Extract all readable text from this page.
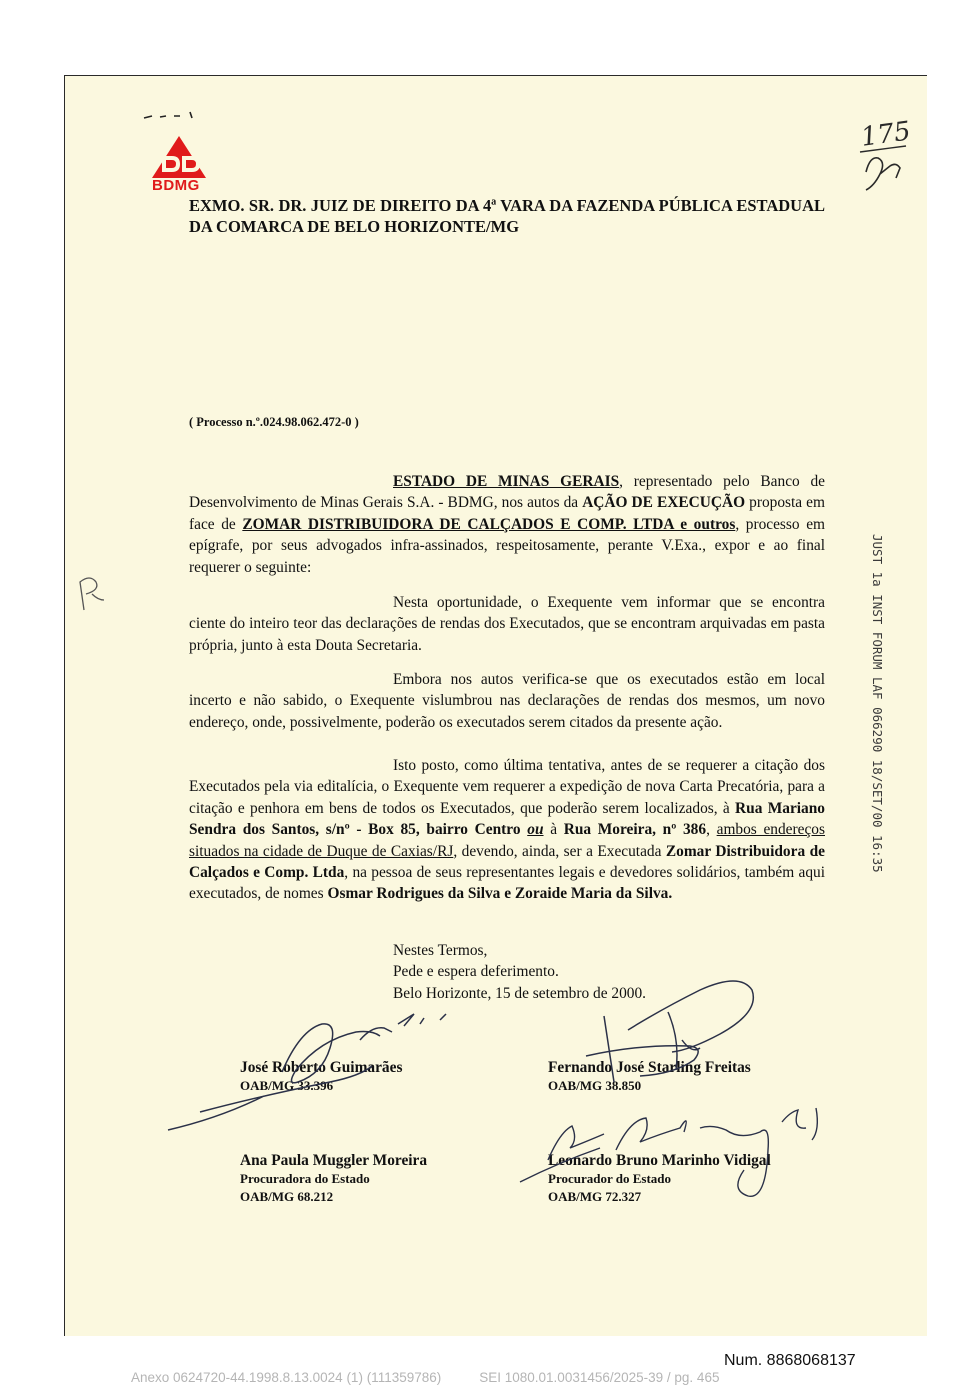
BDMG
175
EXMO. SR. DR. JUIZ DE DIREITO DA 4ª VARA DA FAZENDA PÚBLICA ESTADUAL DA COMARCA DE BELO HORIZONTE/MG
( Processo n.º.024.98.062.472-0 )
ESTADO DE MINAS GERAIS, representado pelo Banco de Desenvolvimento de Minas Gerais S.A. - BDMG, nos autos da AÇÃO DE EXECUÇÃO proposta em face de ZOMAR DISTRIBUIDORA DE CALÇADOS E COMP. LTDA e outros, processo em epígrafe, por seus advogados infra-assinados, respeitosamente, perante V.Exa., expor e ao final requerer o seguinte:
Nesta oportunidade, o Exequente vem informar que se encontra ciente do inteiro teor das declarações de rendas dos Executados, que se encontram arquivadas em pasta própria, junto à esta Douta Secretaria.
Embora nos autos verifica-se que os executados estão em local incerto e não sabido, o Exequente vislumbrou nas declarações de rendas dos mesmos, um novo endereço, onde, possivelmente, poderão os executados serem citados da presente ação.
Isto posto, como última tentativa, antes de se requerer a citação dos Executados pela via editalícia, o Exequente vem requerer a expedição de nova Carta Precatória, para a citação e penhora em bens de todos os Executados, que poderão serem localizados, à Rua Mariano Sendra dos Santos, s/nº - Box 85, bairro Centro ou à Rua Moreira, nº 386, ambos endereços situados na cidade de Duque de Caxias/RJ, devendo, ainda, ser a Executada Zomar Distribuidora de Calçados e Comp. Ltda, na pessoa de seus representantes legais e devedores solidários, também aqui executados, de nomes Osmar Rodrigues da Silva e Zoraide Maria da Silva.
Nestes Termos,
Pede e espera deferimento.
Belo Horizonte, 15 de setembro de 2000.
José Roberto Guimarães
OAB/MG 33.396
Fernando José Starling Freitas
OAB/MG 38.850
Ana Paula Muggler Moreira
Procuradora do Estado
OAB/MG 68.212
Leonardo Bruno Marinho Vidigal
Procurador do Estado
OAB/MG 72.327
JUST 1a INST FORUM LAF 066290 18/SET/00 16:35
Num. 8868068137
Anexo 0624720-44.1998.8.13.0024 (1) (111359786)	SEI 1080.01.0031456/2025-39 / pg. 465
